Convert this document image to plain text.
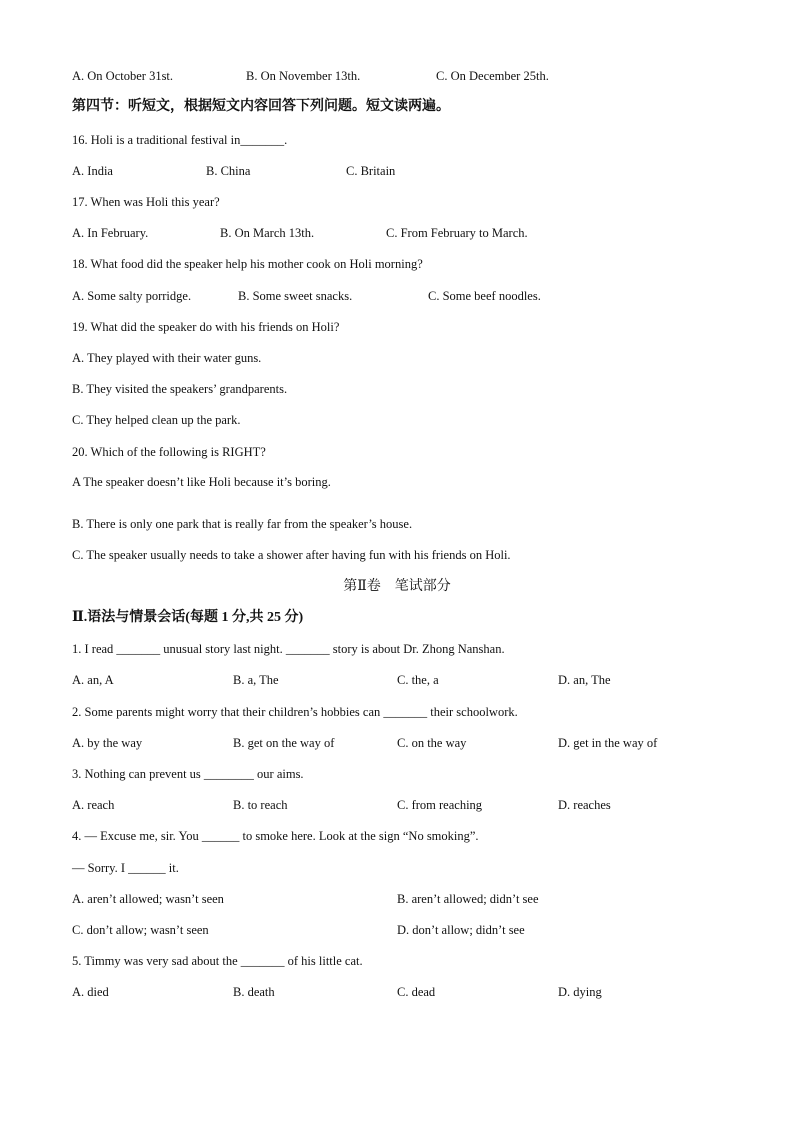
A. On October 31st.	B. On November 13th.	C. On December 25th.
第四节：听短文，根据短文内容回答下列问题。短文读两遍。
16. Holi is a traditional festival in_______.
A. India	B. China	C. Britain
17. When was Holi this year?
A. In February.	B. On March 13th.	C. From February to March.
18. What food did the speaker help his mother cook on Holi morning?
A. Some salty porridge.	B. Some sweet snacks.	C. Some beef noodles.
19. What did the speaker do with his friends on Holi?
A. They played with their water guns.
B. They visited the speakers’ grandparents.
C. They helped clean up the park.
20. Which of the following is RIGHT?
A The speaker doesn’t like Holi because it’s boring.
B. There is only one park that is really far from the speaker’s house.
C. The speaker usually needs to take a shower after having fun with his friends on Holi.
第Ⅱ卷　笔试部分
Ⅱ.语法与情景会话(每题 1 分,共 25 分)
1. I read _______ unusual story last night. _______ story is about Dr. Zhong Nanshan.
A. an, A	B. a, The	C. the, a	D. an, The
2. Some parents might worry that their children’s hobbies can _______ their schoolwork.
A. by the way	B. get on the way of	C. on the way	D. get in the way of
3. Nothing can prevent us ________ our aims.
A. reach	B. to reach	C. from reaching	D. reaches
4. — Excuse me, sir. You ______ to smoke here. Look at the sign “No smoking”.
— Sorry. I ______ it.
A. aren’t allowed; wasn’t seen	B. aren’t allowed; didn’t see
C. don’t allow; wasn’t seen	D. don’t allow; didn’t see
5. Timmy was very sad about the _______ of his little cat.
A. died	B. death	C. dead	D. dying
